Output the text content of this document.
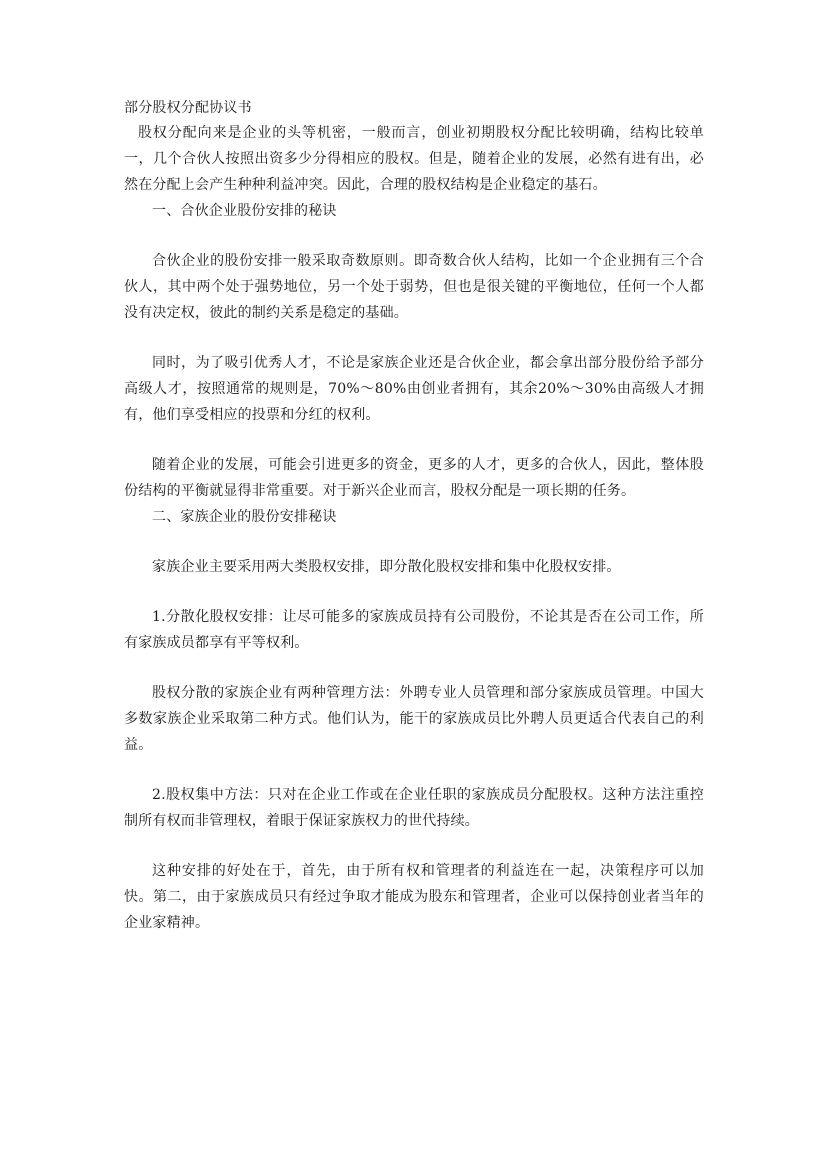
部分股权分配协议书

股权分配向来是企业的头等机密，一般而言，创业初期股权分配比较明确，结构比较单一，几个合伙人按照出资多少分得相应的股权。但是，随着企业的发展，必然有进有出，必然在分配上会产生种种利益冲突。因此，合理的股权结构是企业稳定的基石。

一、合伙企业股份安排的秘诀

合伙企业的股份安排一般采取奇数原则。即奇数合伙人结构，比如一个企业拥有三个合伙人，其中两个处于强势地位，另一个处于弱势，但也是很关键的平衡地位，任何一个人都没有决定权，彼此的制约关系是稳定的基础。

同时，为了吸引优秀人才，不论是家族企业还是合伙企业，都会拿出部分股份给予部分高级人才，按照通常的规则是，70%～80%由创业者拥有，其余20%～30%由高级人才拥有，他们享受相应的投票和分红的权利。

随着企业的发展，可能会引进更多的资金，更多的人才，更多的合伙人，因此，整体股份结构的平衡就显得非常重要。对于新兴企业而言，股权分配是一项长期的任务。

二、家族企业的股份安排秘诀

家族企业主要采用两大类股权安排，即分散化股权安排和集中化股权安排。

1.分散化股权安排：让尽可能多的家族成员持有公司股份，不论其是否在公司工作，所有家族成员都享有平等权利。

股权分散的家族企业有两种管理方法：外聘专业人员管理和部分家族成员管理。中国大多数家族企业采取第二种方式。他们认为，能干的家族成员比外聘人员更适合代表自己的利益。

2.股权集中方法：只对在企业工作或在企业任职的家族成员分配股权。这种方法注重控制所有权而非管理权，着眼于保证家族权力的世代持续。

这种安排的好处在于，首先，由于所有权和管理者的利益连在一起，决策程序可以加快。第二，由于家族成员只有经过争取才能成为股东和管理者，企业可以保持创业者当年的企业家精神。
